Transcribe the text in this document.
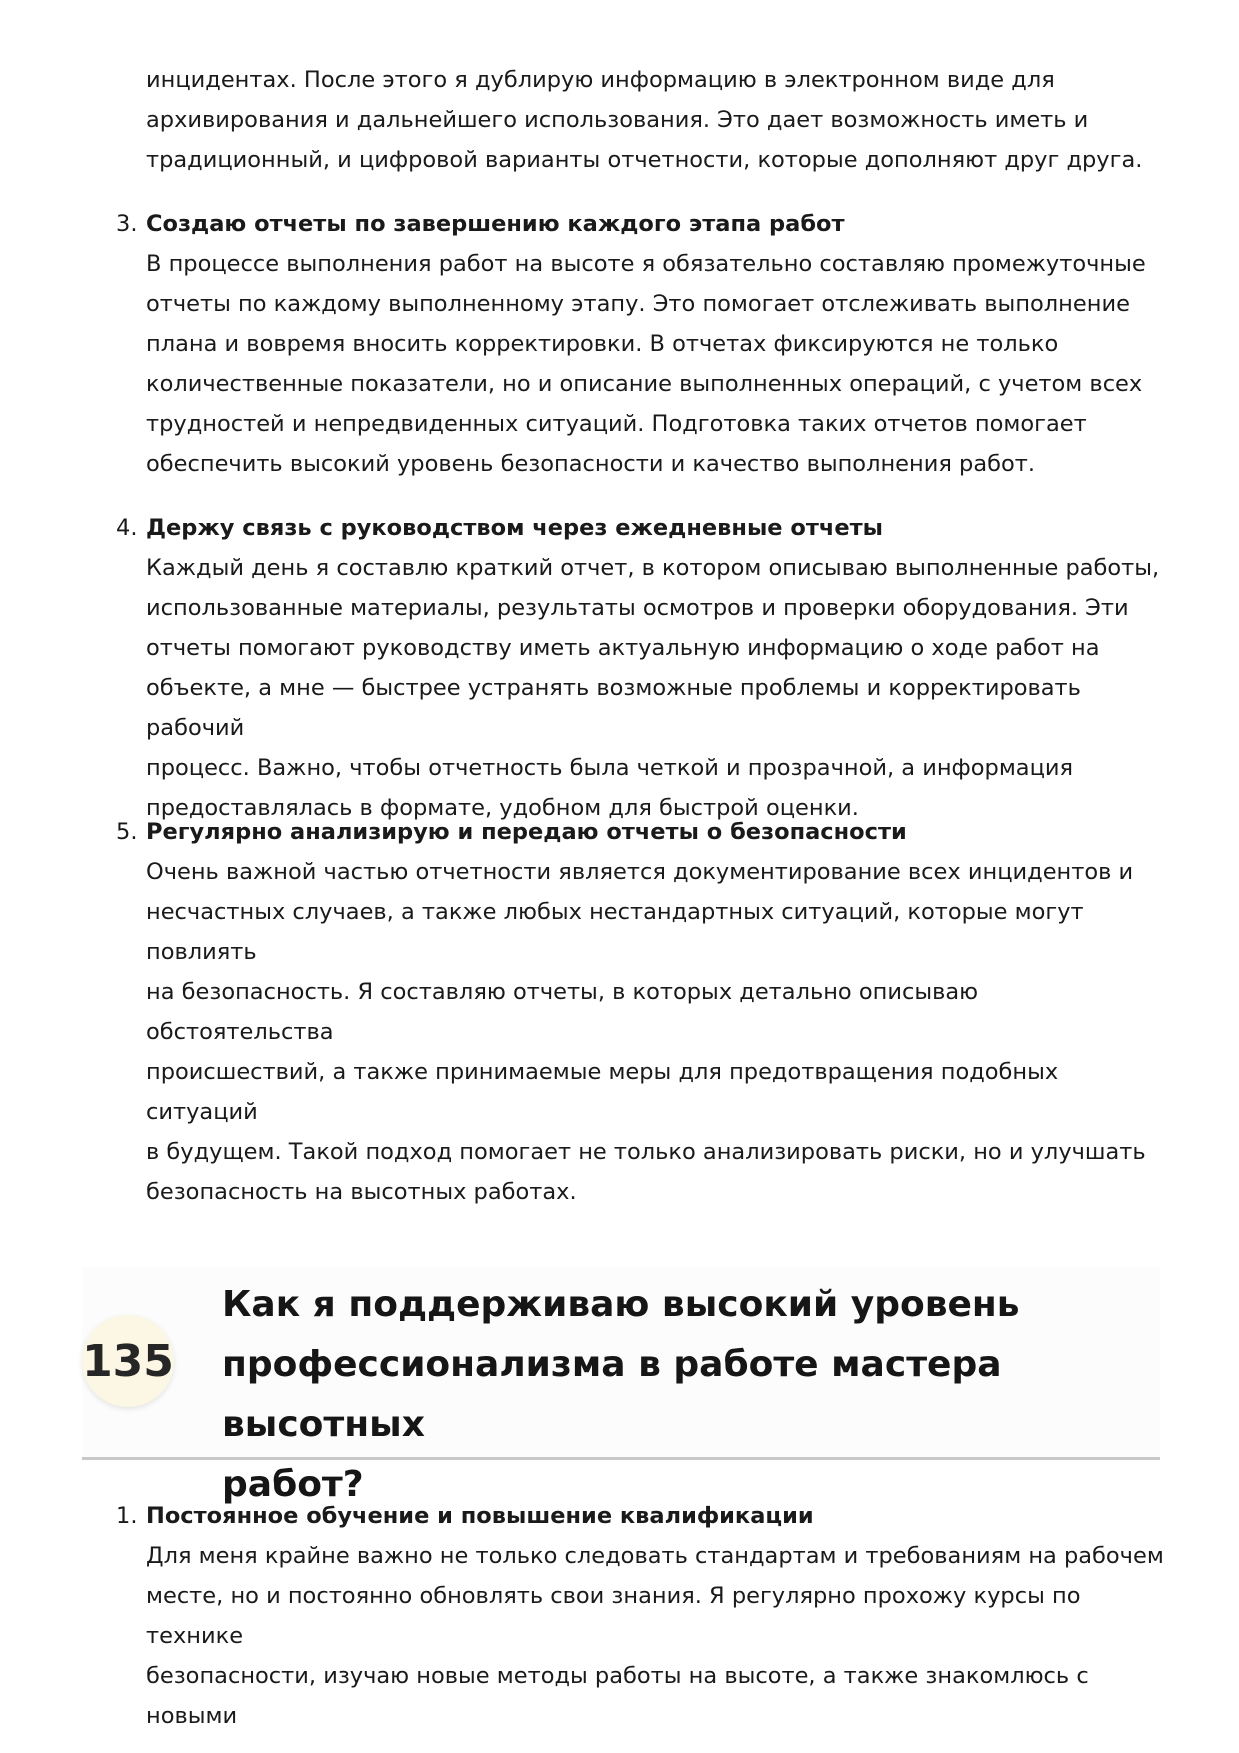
инцидентах. После этого я дублирую информацию в электронном виде для
архивирования и дальнейшего использования. Это дает возможность иметь и
традиционный, и цифровой варианты отчетности, которые дополняют друг друга.

3. Создаю отчеты по завершению каждого этапа работ
В процессе выполнения работ на высоте я обязательно составляю промежуточные
отчеты по каждому выполненному этапу. Это помогает отслеживать выполнение
плана и вовремя вносить корректировки. В отчетах фиксируются не только
количественные показатели, но и описание выполненных операций, с учетом всех
трудностей и непредвиденных ситуаций. Подготовка таких отчетов помогает
обеспечить высокий уровень безопасности и качество выполнения работ.
4. Держу связь с руководством через ежедневные отчеты
Каждый день я составлю краткий отчет, в котором описываю выполненные работы,
использованные материалы, результаты осмотров и проверки оборудования. Эти
отчеты помогают руководству иметь актуальную информацию о ходе работ на
объекте, а мне — быстрее устранять возможные проблемы и корректировать рабочий
процесс. Важно, чтобы отчетность была четкой и прозрачной, а информация
предоставлялась в формате, удобном для быстрой оценки.
5. Регулярно анализирую и передаю отчеты о безопасности
Очень важной частью отчетности является документирование всех инцидентов и
несчастных случаев, а также любых нестандартных ситуаций, которые могут повлиять
на безопасность. Я составляю отчеты, в которых детально описываю обстоятельства
происшествий, а также принимаемые меры для предотвращения подобных ситуаций
в будущем. Такой подход помогает не только анализировать риски, но и улучшать
безопасность на высотных работах.
135
Как я поддерживаю высокий уровень
профессионализма в работе мастера высотных
работ?
1. Постоянное обучение и повышение квалификации
Для меня крайне важно не только следовать стандартам и требованиям на рабочем
месте, но и постоянно обновлять свои знания. Я регулярно прохожу курсы по технике
безопасности, изучаю новые методы работы на высоте, а также знакомлюсь с новыми
